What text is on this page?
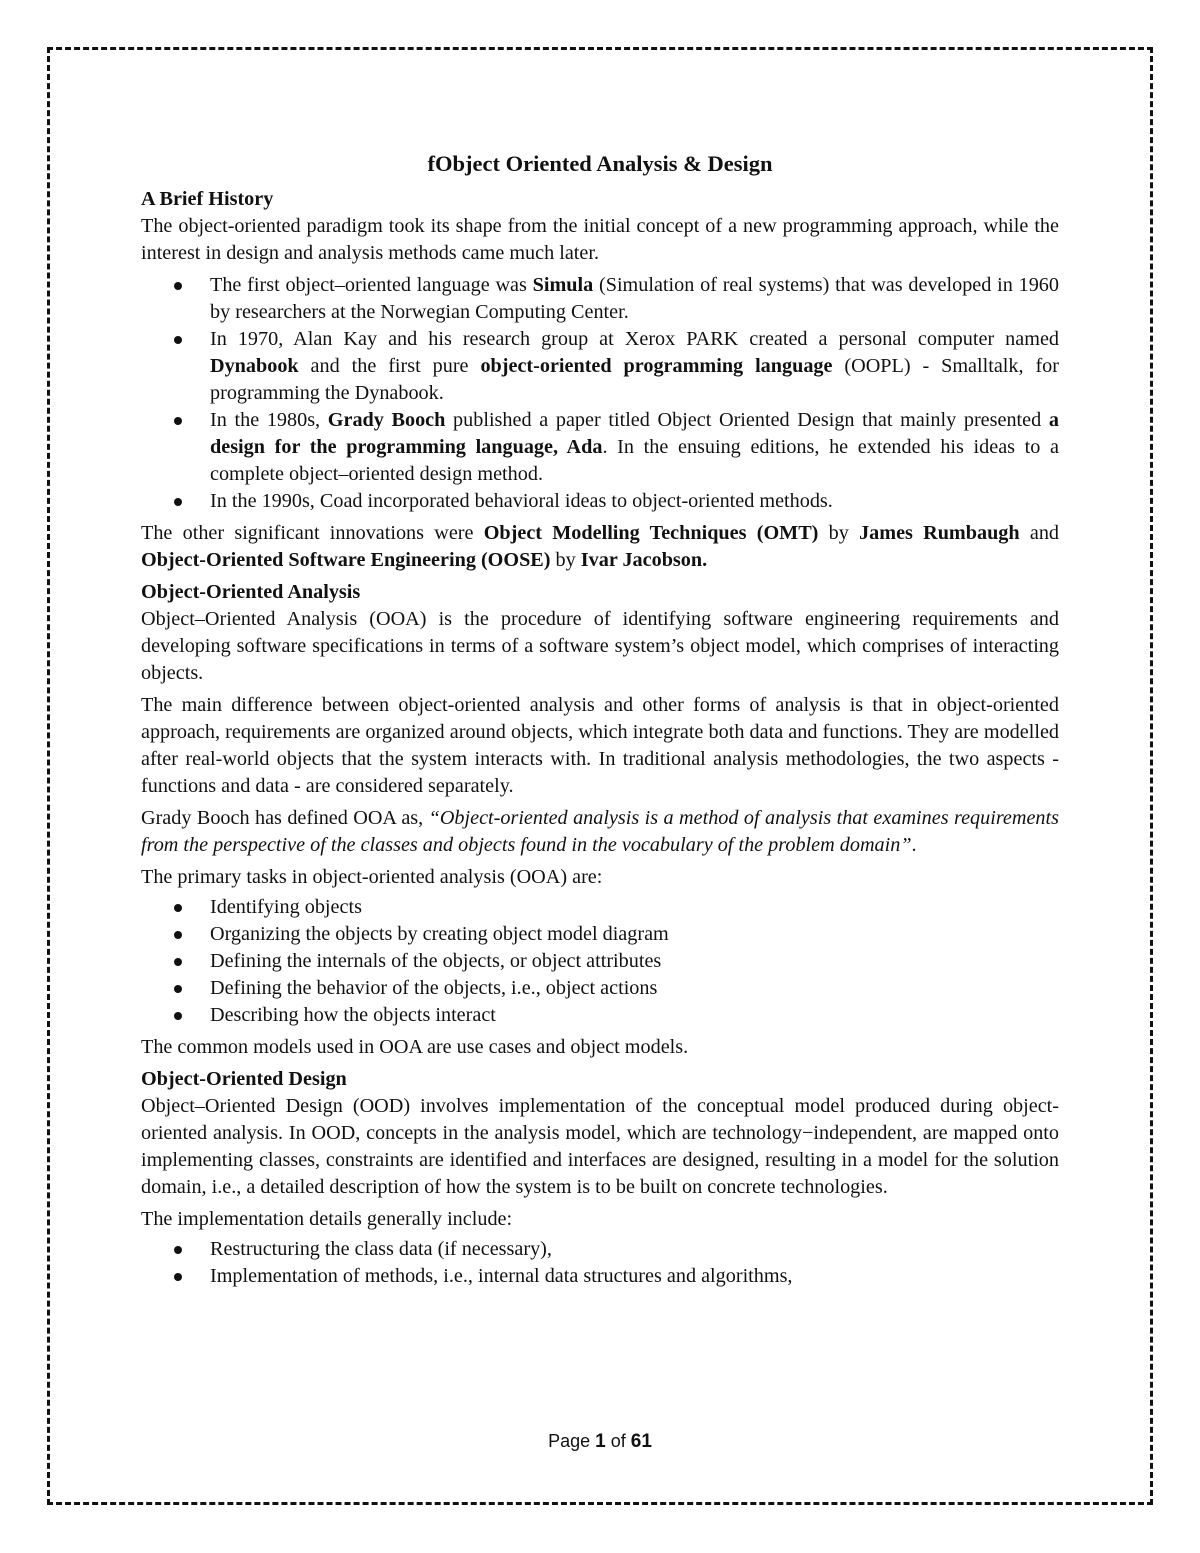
fObject Oriented Analysis & Design
A Brief History

The object-oriented paradigm took its shape from the initial concept of a new programming approach, while the interest in design and analysis methods came much later.

The first object–oriented language was Simula (Simulation of real systems) that was developed in 1960 by researchers at the Norwegian Computing Center.
In 1970, Alan Kay and his research group at Xerox PARK created a personal computer named Dynabook and the first pure object-oriented programming language (OOPL) - Smalltalk, for programming the Dynabook.
In the 1980s, Grady Booch published a paper titled Object Oriented Design that mainly presented a design for the programming language, Ada. In the ensuing editions, he extended his ideas to a complete object–oriented design method.
In the 1990s, Coad incorporated behavioral ideas to object-oriented methods.

The other significant innovations were Object Modelling Techniques (OMT) by James Rumbaugh and Object-Oriented Software Engineering (OOSE) by Ivar Jacobson.

Object-Oriented Analysis

Object–Oriented Analysis (OOA) is the procedure of identifying software engineering requirements and developing software specifications in terms of a software system’s object model, which comprises of interacting objects.

The main difference between object-oriented analysis and other forms of analysis is that in object-oriented approach, requirements are organized around objects, which integrate both data and functions. They are modelled after real-world objects that the system interacts with. In traditional analysis methodologies, the two aspects - functions and data - are considered separately.

Grady Booch has defined OOA as, “Object-oriented analysis is a method of analysis that examines requirements from the perspective of the classes and objects found in the vocabulary of the problem domain”.

The primary tasks in object-oriented analysis (OOA) are:

Identifying objects
Organizing the objects by creating object model diagram
Defining the internals of the objects, or object attributes
Defining the behavior of the objects, i.e., object actions
Describing how the objects interact

The common models used in OOA are use cases and object models.

Object-Oriented Design

Object–Oriented Design (OOD) involves implementation of the conceptual model produced during object-oriented analysis. In OOD, concepts in the analysis model, which are technology−independent, are mapped onto implementing classes, constraints are identified and interfaces are designed, resulting in a model for the solution domain, i.e., a detailed description of how the system is to be built on concrete technologies.

The implementation details generally include:

Restructuring the class data (if necessary),
Implementation of methods, i.e., internal data structures and algorithms,
Page 1 of 61
